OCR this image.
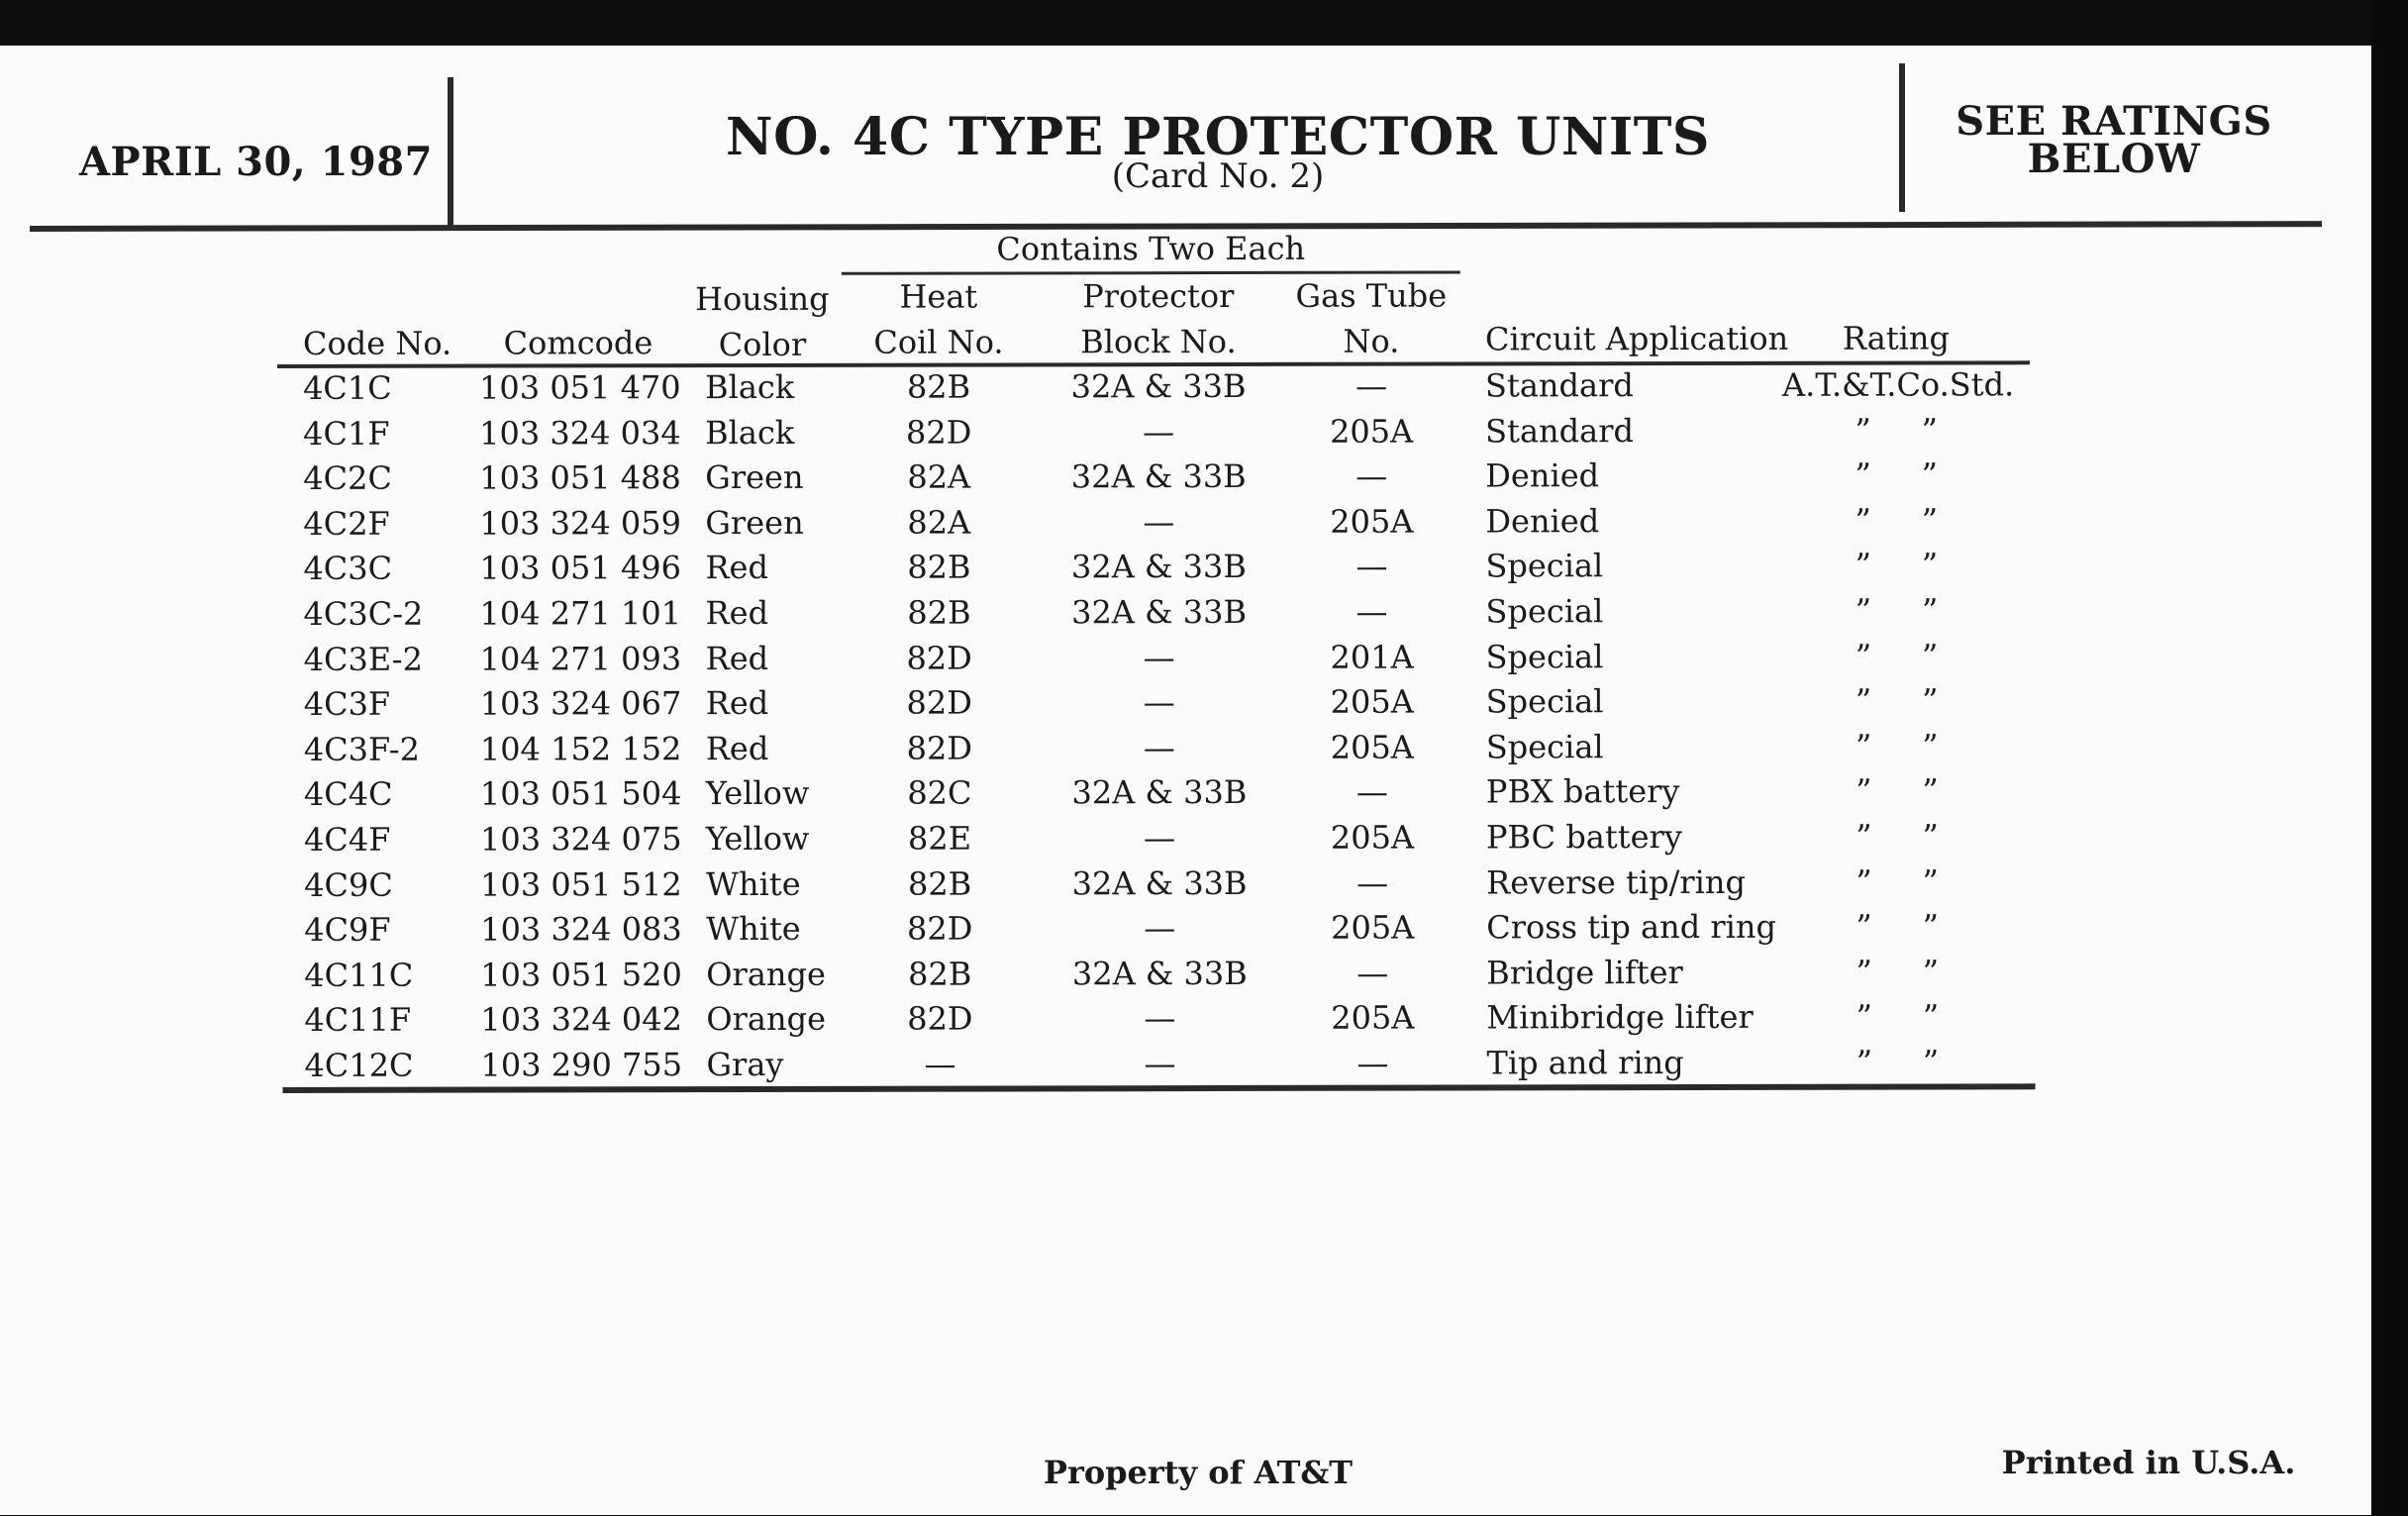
APRIL 30, 1987	NO. 4C TYPE PROTECTOR UNITS
(Card No. 2)
SEE RATINGS
BELOW
Contains Two Each
Code No.	Comcode
Housing
Color
Heat
Coil No.
Protector
Block No.
Gas Tube
No.	Circuit Application	Rating
4C1C	103 051 470 Black	82B	32A & 33B	—	Standard	A.T.&T.Co.Std.
4C1F	103 324 034 Black	82D	—	205A	Standard	”     ”
4C2C	103 051 488 Green	82A	32A & 33B	—	Denied	”     ”
4C2F	103 324 059 Green	82A	—	205A	Denied	”     ”
4C3C	103 051 496 Red	82B	32A & 33B	—	Special	”     ”
4C3C-2 104 271 101 Red	82B	32A & 33B	—	Special	”     ”
4C3E-2 104 271 093 Red	82D	—	201A	Special	”     ”
4C3F	103 324 067 Red	82D	—	205A	Special	”     ”
4C3F-2 104 152 152 Red	82D	—	205A	Special	”     ”
4C4C	103 051 504 Yellow	82C	32A & 33B	—	PBX battery	”     ”
4C4F	103 324 075 Yellow	82E	—	205A	PBC battery	”     ”
4C9C	103 051 512 White	82B	32A & 33B	—	Reverse tip/ring	”     ”
4C9F	103 324 083 White	82D	—	205A	Cross tip and ring	”     ”
4C11C 103 051 520 Orange	82B	32A & 33B	—	Bridge lifter	”     ”
4C11F 103 324 042 Orange	82D	—	205A	Minibridge lifter	”     ”
4C12C 103 290 755 Gray	—	—	—	Tip and ring	”     ”
Property of AT&T	Printed in U.S.A.
